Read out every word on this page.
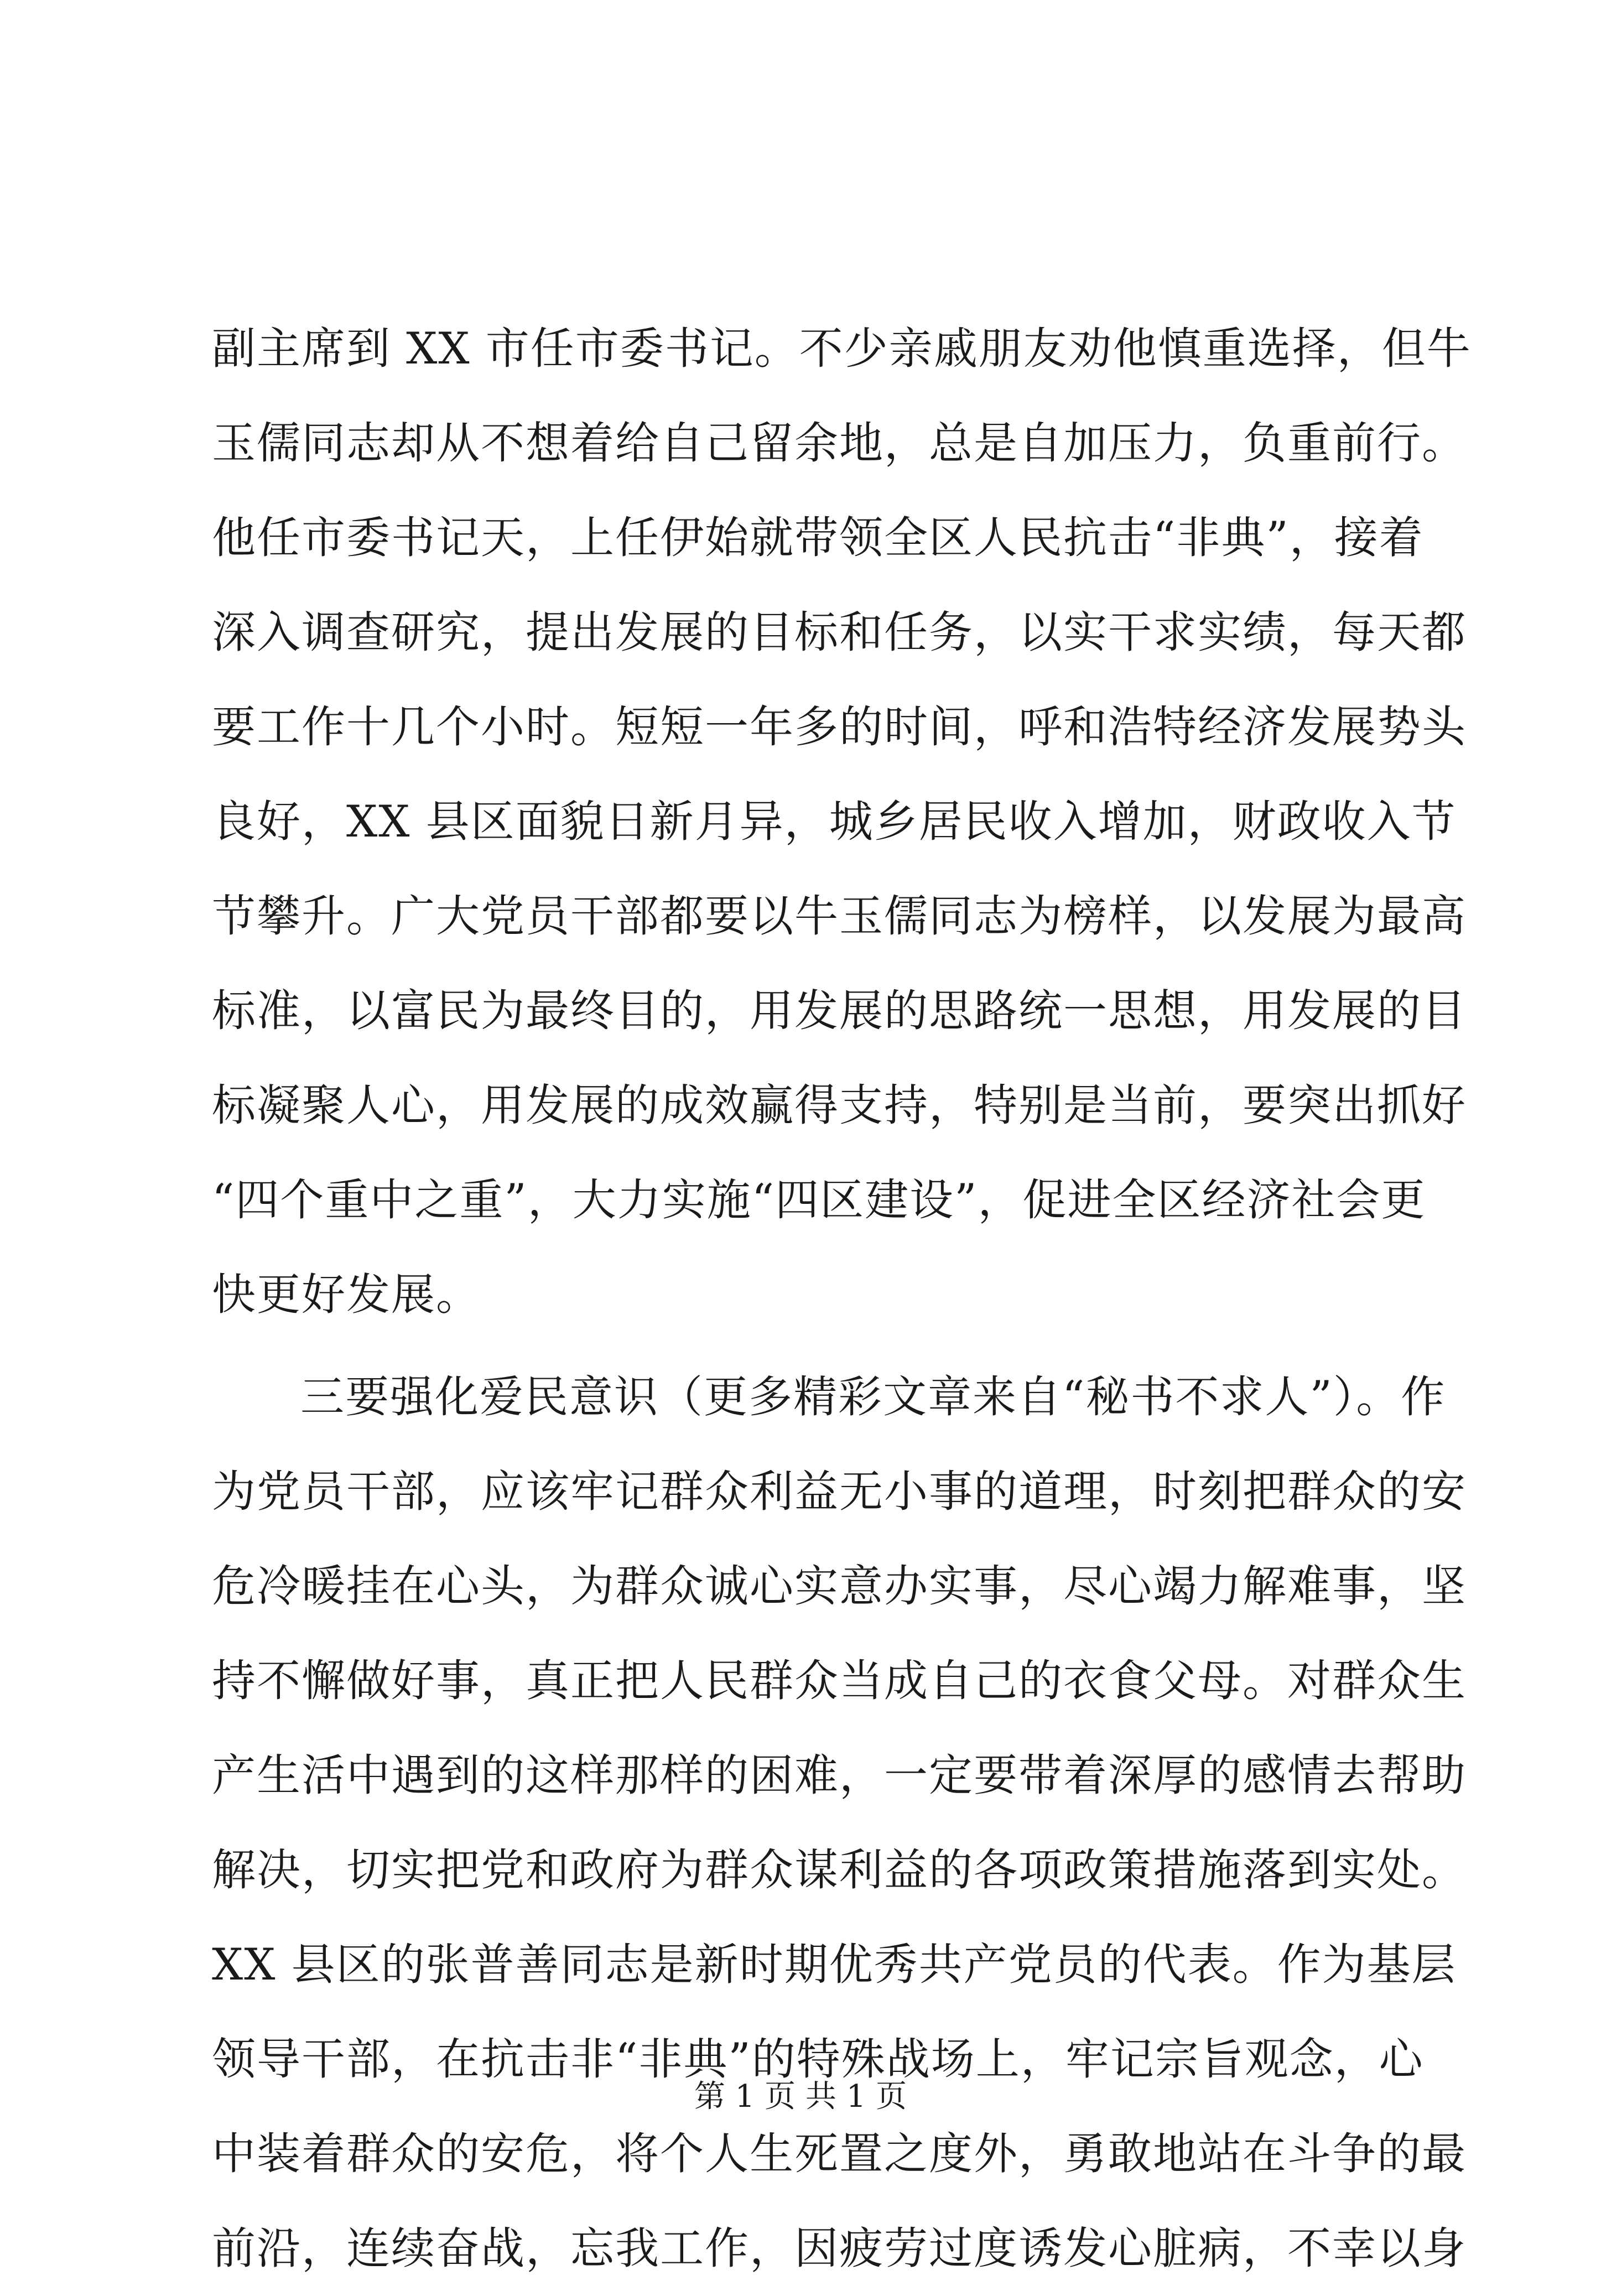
副主席到 XX 市任市委书记。不少亲戚朋友劝他慎重选择，但牛
玉儒同志却从不想着给自己留余地，总是自加压力，负重前行。
他任市委书记天，上任伊始就带领全区人民抗击“非典”，接着
深入调查研究，提出发展的目标和任务，以实干求实绩，每天都
要工作十几个小时。短短一年多的时间，呼和浩特经济发展势头
良好，XX 县区面貌日新月异，城乡居民收入增加，财政收入节
节攀升。广大党员干部都要以牛玉儒同志为榜样，以发展为最高
标准，以富民为最终目的，用发展的思路统一思想，用发展的目
标凝聚人心，用发展的成效赢得支持，特别是当前，要突出抓好
“四个重中之重”，大力实施“四区建设”，促进全区经济社会更
快更好发展。
三要强化爱民意识（更多精彩文章来自“秘书不求人”）。作
为党员干部，应该牢记群众利益无小事的道理，时刻把群众的安
危冷暖挂在心头，为群众诚心实意办实事，尽心竭力解难事，坚
持不懈做好事，真正把人民群众当成自己的衣食父母。对群众生
产生活中遇到的这样那样的困难，一定要带着深厚的感情去帮助
解决，切实把党和政府为群众谋利益的各项政策措施落到实处。
XX 县区的张普善同志是新时期优秀共产党员的代表。作为基层
领导干部，在抗击非“非典”的特殊战场上，牢记宗旨观念，心
中装着群众的安危，将个人生死置之度外，勇敢地站在斗争的最
前沿，连续奋战，忘我工作，因疲劳过度诱发心脏病，不幸以身
第 1 页 共 1 页
